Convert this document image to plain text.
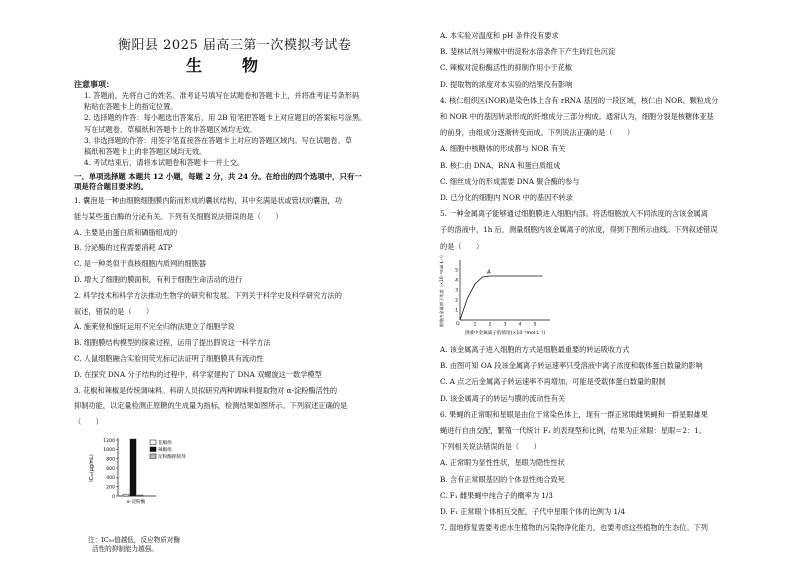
衡阳县 2025 届高三第一次模拟考试卷
生　物
注意事项：
1. 答题前，先将自己的姓名、准考证号填写在试题卷和答题卡上，并将准考证号条形码
粘贴在答题卡上的指定位置。
2. 选择题的作答：每小题选出答案后，用 2B 铅笔把答题卡上对应题目的答案标号涂黑。
写在试题卷、草稿纸和答题卡上的非答题区域均无效。
3. 非选择题的作答：用签字笔直接答在答题卡上对应的答题区域内。写在试题卷、草
稿纸和答题卡上的非答题区域均无效。
4. 考试结束后，请将本试题卷和答题卡一并上交。
一、单项选择题 本题共 12 小题，每题 2 分，共 24 分。在给出的四个选项中，只有一
项是符合题目要求的。
1. 囊泡是一种由细胞细胞膜内陷而形成的囊状结构，其中充满是状或管状的囊泡，功
能与某些蛋白酶的分泌有关。下列有关细胞说法错误的是（　　）
A. 主要是由蛋白质和磷脂组成的
B. 分泌酶的过程需要消耗 ATP
C. 是一种类似于真核细胞内质网的细胞器
D. 增大了细胞的膜面积，有利于细胞生命活动的进行
2. 科学技术和科学方法推动生物学的研究和发展。下列关于科学史及科学研究方法的
叙述，错误的是（　　）
A. 施莱登和施旺运用不完全归纳法建立了细胞学说
B. 细胞膜结构模型的探索过程，运用了提出假说这一科学方法
C. 人鼠细胞融合实验用荧光标记法证明了细胞膜具有流动性
D. 在探究 DNA 分子结构的过程中，科学家建构了 DNA 双螺旋这一数学模型
3. 花椒和辣椒是传统调味料。科研人员拟研究两种调味料提取物对 α-淀粉酶活性的
抑制功能，以定量检测正原糖的生成量为指标，检测结果如图所示。下列叙述正确的是
（　　）
0
200
400
600
800
1000
1200
IC₅₀(μg/mL)
α-淀粉酶
花椒组
辣椒组
淀粉酶抑制剂
注：IC₅₀值越低，反应物质对酶
活性的抑制能力越强。
A. 本实验对温度和 pH 条件没有要求
B. 斐林试剂与辣椒中的淀粉水溶条件下产生砖红色沉淀
C. 辣椒对淀粉酶活性的抑制作用小于花椒
D. 提取物的浓度对本实验的结果没有影响
4. 核仁组织区(NOR)是染色体上含有 rRNA 基因的一段区域，核仁由 NOR、颗粒成分
和 NOR 中的基因转录形成的纤维成分三部分构成。通常认为，细胞分裂是核糖体亚基
的前身，由组成分逐渐转变而成。下列说法正确的是（　　）
A. 细胞中核糖体的形成都与 NOR 有关
B. 核仁由 DNA、RNA 和蛋白质组成
C. 细丝成分的形成需要 DNA 聚合酶的参与
D. 已分化的细胞内 NOR 中的基因不转录
5. 一种金属离子能够通过细胞膜进入细胞内部。将活细胞放入不同浓度的含该金属离
子的溶液中，1h 后，测量细胞内该金属离子的浓度，得到下图所示曲线。下列叙述错误
的是（　　）
1	2	3	4	5
1
2
3
4
5
O
A
溶液中金属离子的浓度(×10⁻³mol·L⁻¹)
细胞内金属离子浓度（×10⁻³mol·L⁻¹）
A. 该金属离子进入细胞的方式是细胞最重要的转运吸收方式
B. 由图可知 OA 段该金属离子转运速率只受溶液中离子浓度和载体蛋白数量的影响
C. A 点之后金属离子转运速率不再增加，可能是受载体蛋白数量的限制
D. 该金属离子的转运与膜的流动性有关
6. 果蝇的正常眼和星眼是由位于常染色体上，现有一群正常眼雌果蝇和一群星眼雄果
蝇进行自由交配，繁殖一代统计 F₁ 的表现型和比例，结果为正常眼：星眼＝2：1。
下列相关说法错误的是（　　）
A. 正常眼为显性性状，星眼为隐性性状
B. 含有正常眼基因的个体显性纯合致死
C. F₁ 雌果蝇中纯合子的概率为 1/3
D. F₁ 正常眼个体相互交配，子代中星眼个体的比例为 1/4
7. 湿地修复需要考虑水生植物的污染物净化能力，也要考虑这些植物的生态位。下列
